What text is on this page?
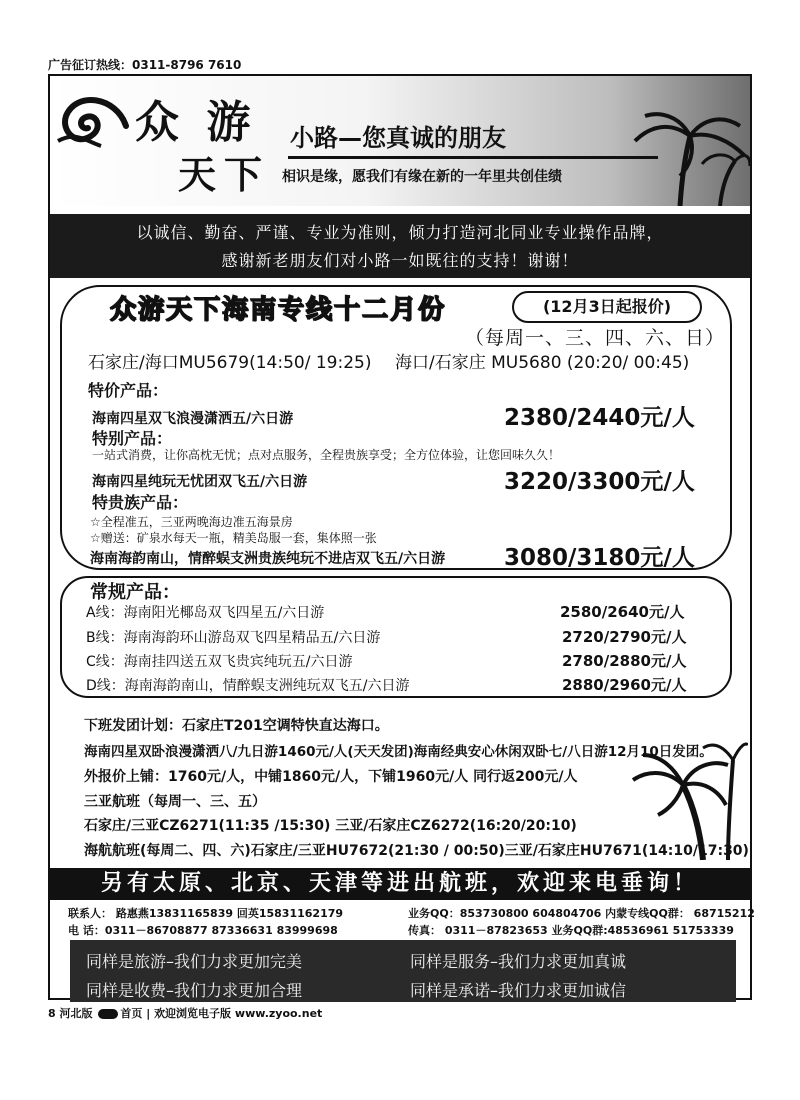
广告征订热线：0311-8796 7610
众 游
天下
小路—您真诚的朋友
相识是缘，愿我们有缘在新的一年里共创佳绩
以诚信、勤奋、严谨、专业为准则，倾力打造河北同业专业操作品牌，
感谢新老朋友们对小路一如既往的支持！谢谢！
众游天下海南专线十二月份	(12月3日起报价)
（每周一、三、四、六、日）
石家庄/海口MU5679(14:50/ 19:25) 海口/石家庄 MU5680 (20:20/ 00:45)
特价产品：
海南四星双飞浪漫潇洒五/六日游	2380/2440元/人
特别产品：
一站式消费，让你高枕无忧；点对点服务，全程贵族享受；全方位体验，让您回味久久！
海南四星纯玩无忧团双飞五/六日游	3220/3300元/人
特贵族产品：
☆全程准五，三亚两晚海边准五海景房
☆赠送：矿泉水每天一瓶，精美岛服一套，集体照一张
海南海韵南山，情醉蜈支洲贵族纯玩不进店双飞五/六日游	3080/3180元/人
常规产品：
A线：海南阳光椰岛双飞四星五/六日游	2580/2640元/人
B线：海南海韵环山游岛双飞四星精品五/六日游	2720/2790元/人
C线：海南挂四送五双飞贵宾纯玩五/六日游	2780/2880元/人
D线：海南海韵南山，情醉蜈支洲纯玩双飞五/六日游	2880/2960元/人
下班发团计划：石家庄T201空调特快直达海口。
海南四星双卧浪漫潇洒八/九日游1460元/人(天天发团)海南经典安心休闲双卧七/八日游12月10日发团。
外报价上铺：1760元/人，中铺1860元/人，下铺1960元/人 同行返200元/人
三亚航班（每周一、三、五）
石家庄/三亚CZ6271(11:35 /15:30) 三亚/石家庄CZ6272(16:20/20:10)
海航航班(每周二、四、六)石家庄/三亚HU7672(21:30 / 00:50)三亚/石家庄HU7671(14:10/17:30)
另有太原、北京、天津等进出航班，欢迎来电垂询！
联系人： 路惠燕13831165839 回英15831162179	业务QQ：853730800 604804706 内蒙专线QQ群： 68715212
电 话：0311－86708877 87336631 83999698	传真： 0311－87823653 业务QQ群:48536961 51753339
同样是旅游–我们力求更加完美	同样是服务–我们力求更加真诚
同样是收费–我们力求更加合理	同样是承诺–我们力求更加诚信
8 河北版	首页 | 欢迎浏览电子版 www.zyoo.net
